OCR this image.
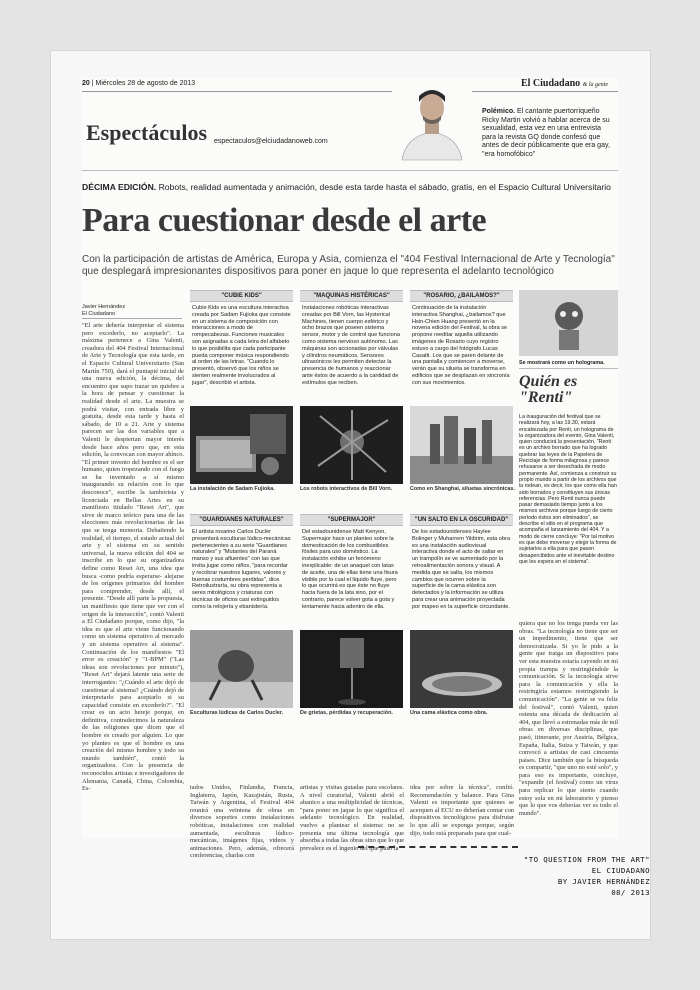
20 | Miércoles 28 de agosto de 2013	El Ciudadano & la gente
Espectáculos espectaculos@elciudadanoweb.com
Polémico. El cantante puertorriqueño Ricky Martin volvió a hablar acerca de su sexualidad, esta vez en una entrevista para la revista GQ donde confesó que antes de decir públicamente que era gay, "era homofóbico"
DÉCIMA EDICIÓN. Robots, realidad aumentada y animación, desde esta tarde hasta el sábado, gratis, en el Espacio Cultural Universitario
Para cuestionar desde el arte
Con la participación de artistas de América, Europa y Asia, comienza el "404 Festival Internacional de Arte y Tecnología" que desplegará impresionantes dispositivos para poner en jaque lo que representa el adelanto tecnológico
Javier Hernández
El Ciudadano
"El arte debería interpretar el sistema pero excederlo, no aceptarlo". La máxima pertenece a Gina Valenti, creadora del 404 Festival Internacional de Arte y Tecnología que esta tarde, en el Espacio Cultural Universitario (San Martín 750), dará el puntapié inicial de una nueva edición, la décima, del encuentro que supo trazar un quiebre a la hora de pensar y cuestionar la realidad desde el arte. La muestra se podrá visitar, con entrada libre y gratuita, desde esta tarde y hasta el sábado, de 10 a 21. Arte y sistema parecen ser las dos variables que a Valenti le despiertan mayor interés desde hace años pero que, en esta edición, la convocan con mayor ahínco. "El primer invento del hombre es el ser humano, quien tropezando con el fuego se ha inventado a sí mismo inaugurando su relación con lo que desconoce", escribe la tamborista y licenciada en Bellas Artes en su manifiesto titulado "Reset Art", que sirve de marco teórico para una de las elecciones más revolucionarias de las que se tenga memoria. Debatiendo la realidad, el tiempo, el estado actual del arte y el sistema en su sentido universal, la nueva edición del 404 se inscribe en lo que su organizadora define como Reset Art, una idea que busca -como podría esperarse- alejarse de los orígenes primarios del hombre para comprender, desde allí, el presente. "Desde allí parte la propuesta, un manifiesto que tiene que ver con el origen de la interacción", contó Valenti a El Ciudadano porque, como dijo, "la idea es que el arte viene funcionando como un sistema operativo al mercado y un sistema operativo al sistema". Continuación de los manifiestos "El error es creación" y "1-BPM" ("Las ideas son revoluciones por minuto"), "Reset Art" dejará latente una serie de interrogantes: "¿Cuándo el arte dejó de cuestionar al sistema? ¿Cuándo dejó de interpretarlo para aceptarlo si su capacidad consiste en excederlo?". "El crear es un acto hereje porque, en definitiva, contradecimos la naturaleza de las religiones que dicen que el hombre es creado por alguien. Lo que yo planteo es que el hombre es una creación del mismo hombre y todo su mundo también", contó la organizadora. Con la presencia de reconocidos artistas e investigadores de Alemania, Canadá, China, Colombia, Es-	tados Unidos, Finlandia, Francia, Inglaterra, Japón, Kazajistán, Rusia, Taiwán y Argentina, el Festival 404 reunirá una veintena de obras en diversos soportes como instalaciones robóticas, instalaciones con realidad aumentada, esculturas lúdico-mecánicas, imágenes fijas, videos y animaciones. Pero, además, ofrecerá conferencias, charlas con
artistas y visitas guiadas para escolares. A nivel curatorial, Valenti abrió el abanico a una multiplicidad de técnicas, "para poner en jaque lo que significa el adelanto tecnológico. En realidad, vuelvo a plantear el sistema: no se presenta una última tecnología que absorba a todas las obras sino que lo que prevalece es el ingenio del que puso la
idea por sobre la técnica", confió. Recomendación y balance. Para Gina Valenti es importante que quienes se acerquen al ECU no deberían contar con dispositivos tecnológicos para disfrutar lo que allí se exponga porque, según dijo, todo está preparado para que cual-
quiera que no los tenga pueda ver las obras. "La tecnología no tiene que ser un impedimento, tiene que ser democratizada. Si yo le pido a la gente que traiga un dispositivo para ver esta muestra estaría cayendo en mi propia trampa y restringiéndole la comunicación. Si la tecnología sirve para la comunicación y ella la restringiría estamos restringiendo la comunicación". "La gente se va feliz del festival", contó Valenti, quien ostenta una década de dedicación al 404, que llevó a estrenadas más de mil obras en diversas disciplinas, que pasó, itinerante, por Austria, Bélgica, España, Italia, Suiza y Taiwán, y que convocó a artistas de casi cincuenta países. Dice también que la búsqueda es compartir, "que uno no esté solo", y para eso es importante, concluye, "expandir (el festival) como un virus para replicar lo que siento cuando estoy sola en mi laboratorio y pienso que lo que vos deberías ver es todo el mundo".
"CUBIE KIDS"
Cubie Kids es una escultura interactiva creada por Sadam Fujioka que consiste en un sistema de composición con interacciones a modo de rompecabezas. Funciones musicales son asignadas a cada letra del alfabeto lo que posibilita que cada participante pueda componer música respondiendo al orden de las letras. "Cuando lo presentó, observó que los niños se sienten realmente involucrados al jugar", describió el artista.
La instalación de Sadam Fujioka.
"MAQUINAS HISTÉRICAS"
Instalaciones robóticas interactivas creadas por Bill Vorn, las Hysterical Machines, tienen cuerpo esférico y ocho brazos que poseen sistema sensor, motor y de control que funciona como sistema nervioso autónomo. Las máquinas son accionadas por válvulas y cilindros neumáticos. Sensores ultrasónicos les permiten detectar la presencia de humanos y reaccionar ante éstos de acuerdo a la cantidad de estímulos que reciben.
Los robots interactivos de Bill Vorn.
"ROSARIO, ¿BAILAMOS?"
Continuación de la instalación interactiva Shanghai, ¿bailamos? que Hsin-Chien Huang presentó en la novena edición del Festival, la obra se propone reeditar aquella utilizando imágenes de Rosario cuyo registro estuvo a cargo del fotógrafo Lucas Casatti. Los que se paren delante de una pantalla y comiencen a moverse, verán que su silueta se transforma en edificios que se desplazan en sincronía con sus movimientos.
Como en Shanghai, siluetas sincrónicas.
"GUARDIANES NATURALES"
El artista rosarino Carlos Ducler presentará esculturas lúdico-mecánicas pertenecientes a su serie "Guardianes naturales" y "Mutantes del Paraná manso y sus afluentes" con las que invita jugar como niños, "para recordar y recobrar nuestros lugares, valores y buenas costumbres perdidas", dice. Retroilustraría, su obra representa a seres mitológicos y criaturas con técnicas de oficios casi extinguidos como la relojería y ebanistería.
Esculturas lúdicas de Carlos Ducler.
"SUPERMAJOR"
Del estadounidense Matt Kenyon, Supermajor hace un planteo sobre la domesticación de los combustibles fósiles para uso doméstico. La instalación exhibe un fenómeno inexplicable: de un anaquel con latas de aceite, una de ellas tiene una fisura visible por la cual el líquido fluye, pero lo que ocurrirá es que éste no fluye hacia fuera de la lata sino, por el contrario, parece volver gota a gota y lentamente hacia adentro de ella.
De grietas, pérdidas y recuperación.
"UN SALTO EN LA OSCURIDAD"
De los estadounidenses Haylee Bolinger y Muharrem Yildirim, esta obra es una instalación audiovisual interactiva donde el acto de saltar en un trampolín se ve aumentado por la retroalimentación sonora y visual. A medida que se salta, los mismos cambios que ocurren sobre la superficie de la cama elástica son detectados y la información se utiliza para crear una animación proyectada por mapeo en la superficie circundante.
Una cama elástica como obra.
Se mostrará como un holograma.
Quién es "Renti"
La inauguración del festival que se realizará hoy, a las 19.30, estará encabezada por Renti, un holograma de la organizadora del evento, Gina Valenti, quien conducirá la presentación. "Renti es un archivo borrado que ha logrado quebrar las leyes de la Papelera de Reciclaje de forma milagrosa y parece rehusarse a ser desechada de modo permanente. Así, comienza a construir su propio mundo a partir de los archivos que la rodean, es decir, los que como ella han sido borrados y constituyen sus únicas referencias. Pero Renti nunca puede pasar demasiado tiempo junto a los mismos archivos porque luego de cierto período éstos son eliminados", se describe el sitio en el programa que acompaña el lanzamiento del 404. Y a modo de cierre concluye: "Por tal motivo es que debe moverse y elegir la forma de sujetarlos a ella para que pasen desapercibidos ante el inevitable destino que les espera en el sistema".
"TO QUESTION FROM THE ART"
EL CIUDADANO
BY JAVIER HERNÁNDEZ
08/ 2013
